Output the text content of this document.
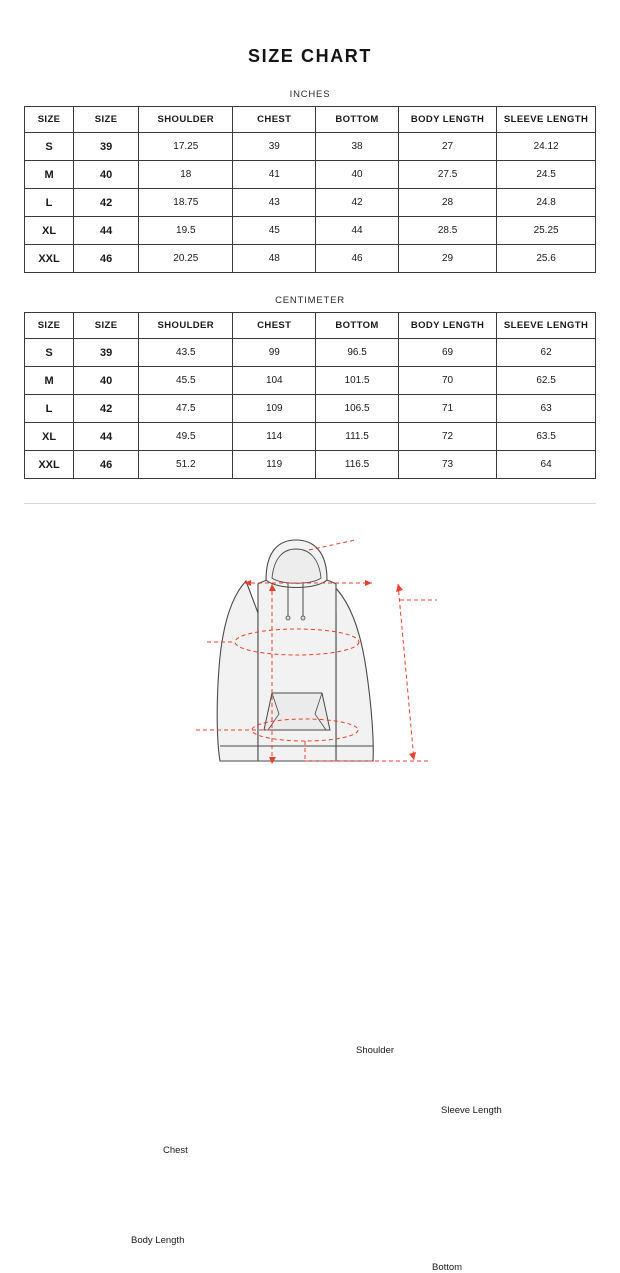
SIZE CHART
INCHES
SIZE	SIZE	SHOULDER	CHEST	BOTTOM	BODY LENGTH	SLEEVE LENGTH
S	39	17.25	39	38	27	24.12
M	40	18	41	40	27.5	24.5
L	42	18.75	43	42	28	24.8
XL	44	19.5	45	44	28.5	25.25
XXL	46	20.25	48	46	29	25.6
CENTIMETER
SIZE	SIZE	SHOULDER	CHEST	BOTTOM	BODY LENGTH	SLEEVE LENGTH
S	39	43.5	99	96.5	69	62
M	40	45.5	104	101.5	70	62.5
L	42	47.5	109	106.5	71	63
XL	44	49.5	114	111.5	72	63.5
XXL	46	51.2	119	116.5	73	64
Shoulder
Sleeve Length
Chest
Body Length
Bottom
